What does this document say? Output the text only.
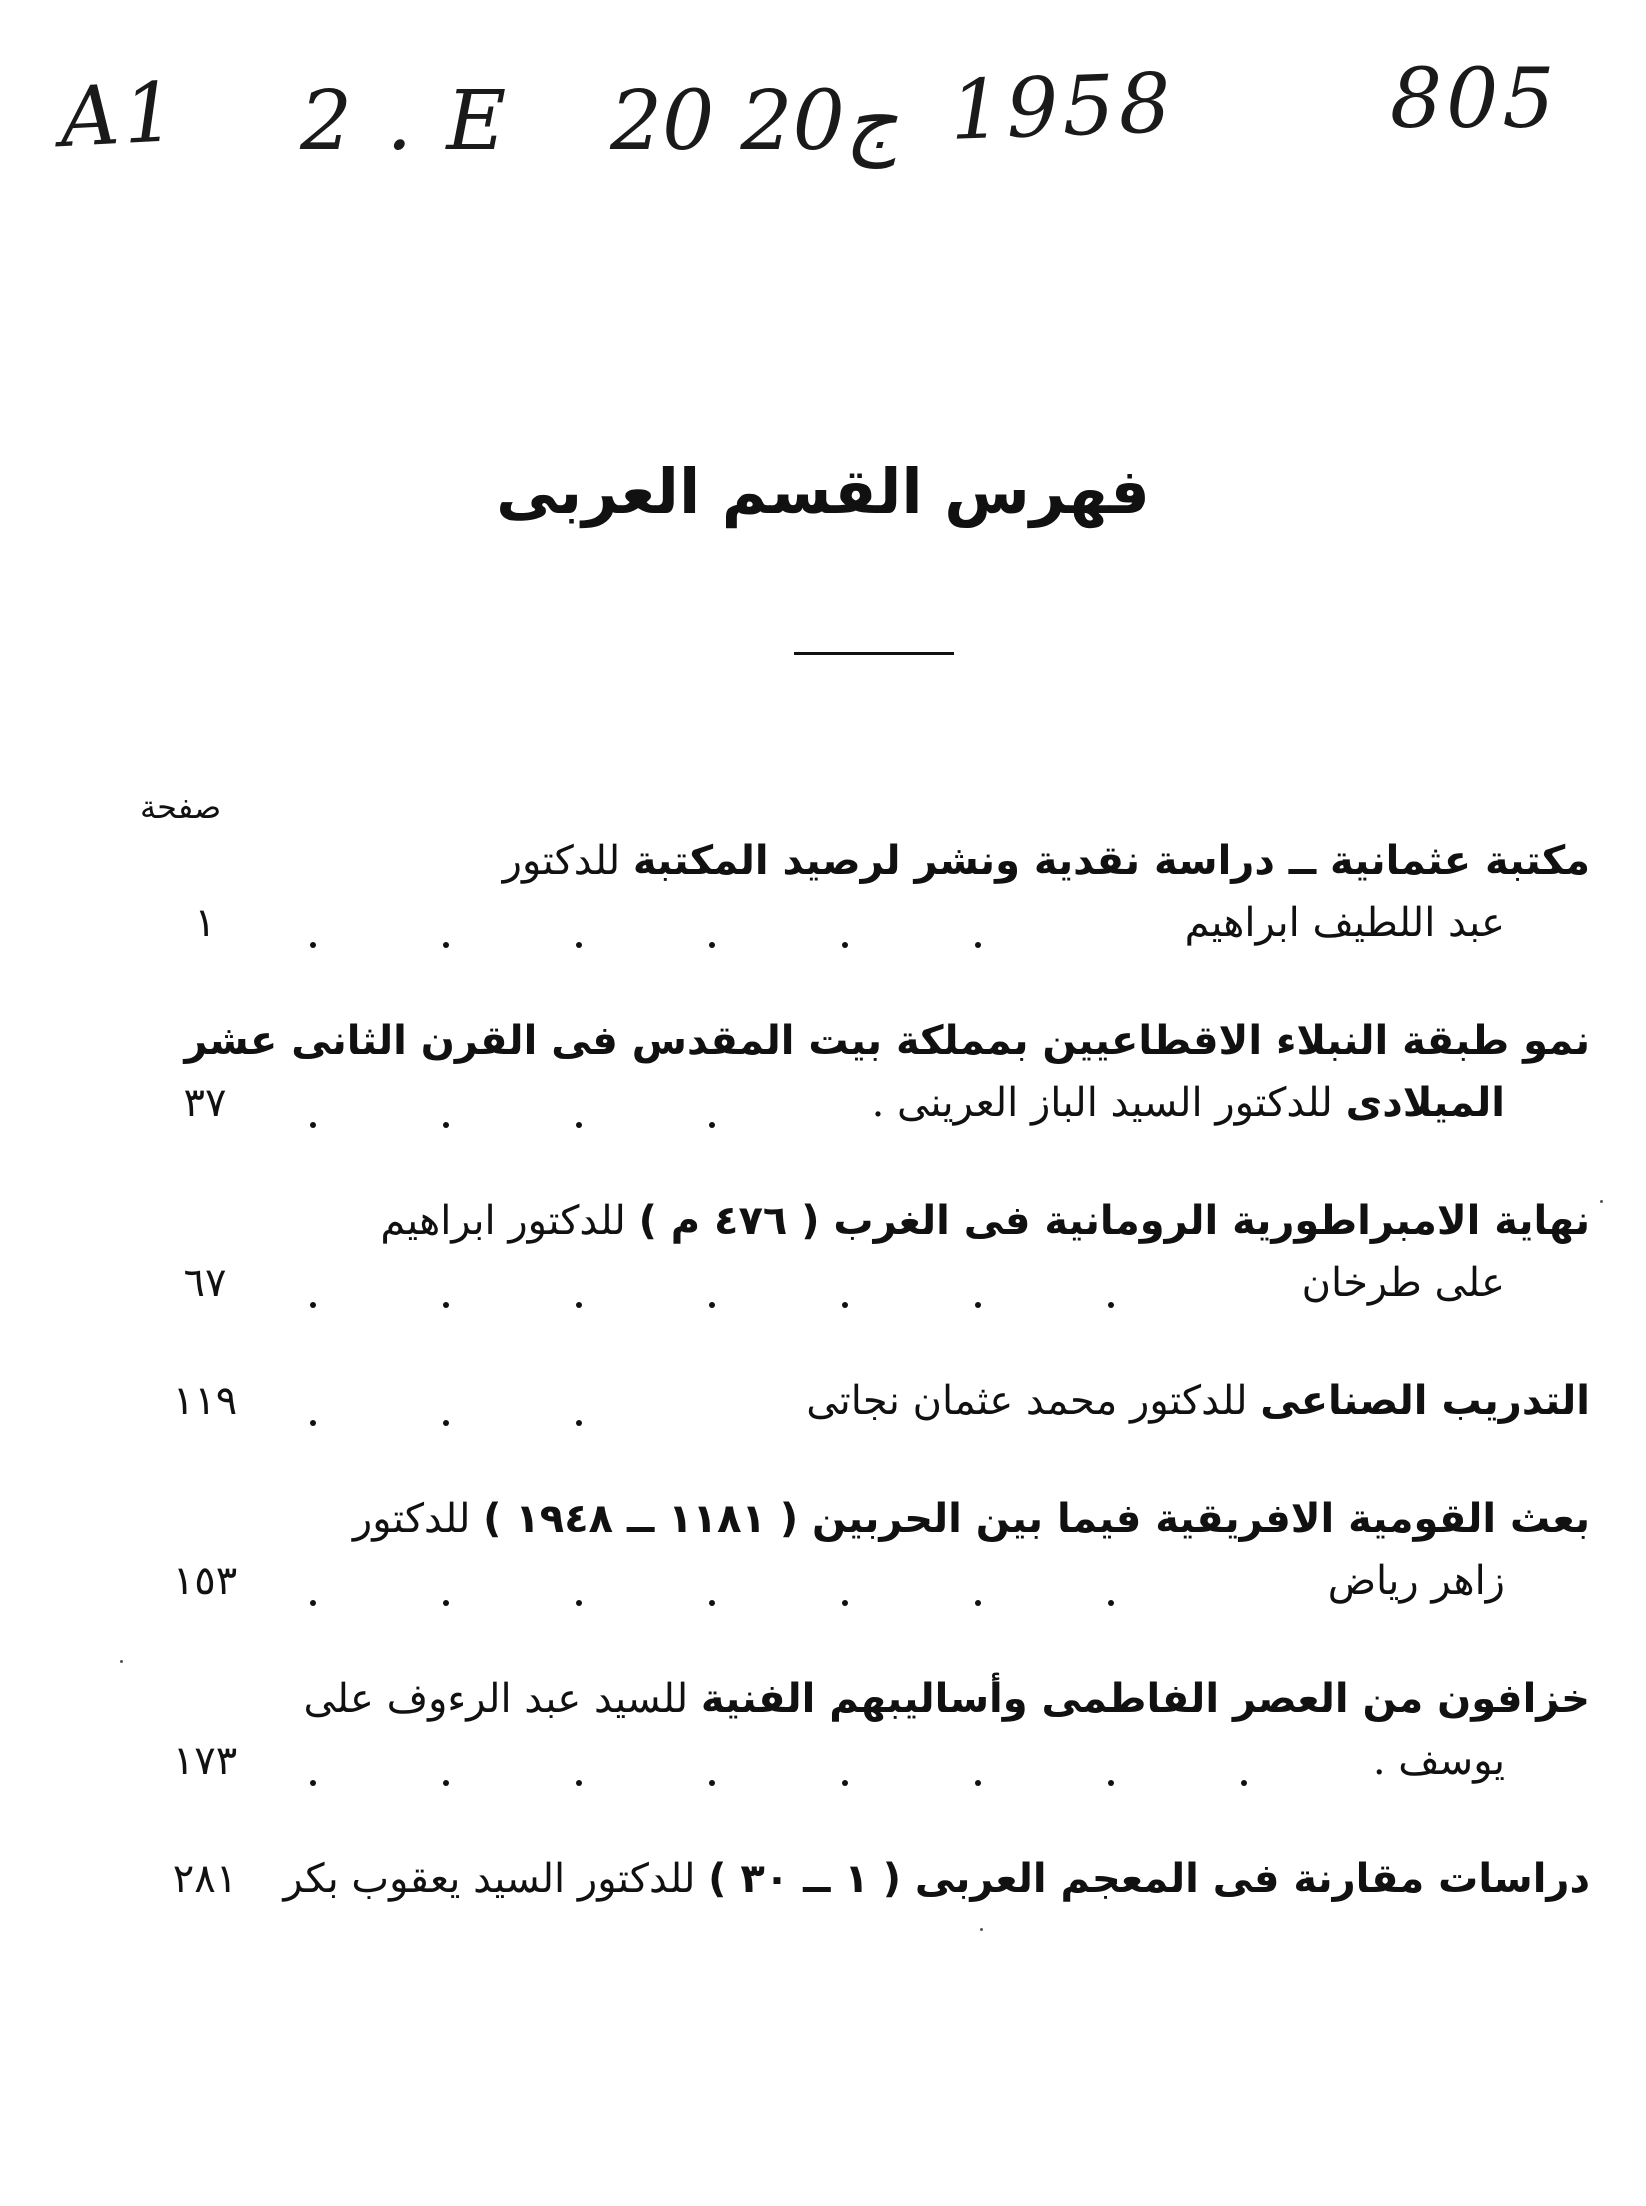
A1 2 . E 20 ج20 1958	805
فهرس القسم العربى
صفحة
مكتبة عثمانية ــ دراسة نقدية ونشر لرصيد المكتبة للدكتور
عبد اللطيف ابراهيم
١
نمو طبقة النبلاء الاقطاعيين بمملكة بيت المقدس فى القرن الثانى عشر
الميلادى للدكتور السيد الباز العرينى .
٣٧
نهاية الامبراطورية الرومانية فى الغرب ( ٤٧٦ م ) للدكتور ابراهيم
على طرخان
٦٧
التدريب الصناعى للدكتور محمد عثمان نجاتى
١١٩
بعث القومية الافريقية فيما بين الحربين ( ١١٨١ ــ ١٩٤٨ ) للدكتور
زاهر رياض
١٥٣
خزافون من العصر الفاطمى وأساليبهم الفنية للسيد عبد الرءوف على
يوسف .
١٧٣
دراسات مقارنة فى المعجم العربى ( ١ ــ ٣٠ ) للدكتور السيد يعقوب بكر
٢٨١
